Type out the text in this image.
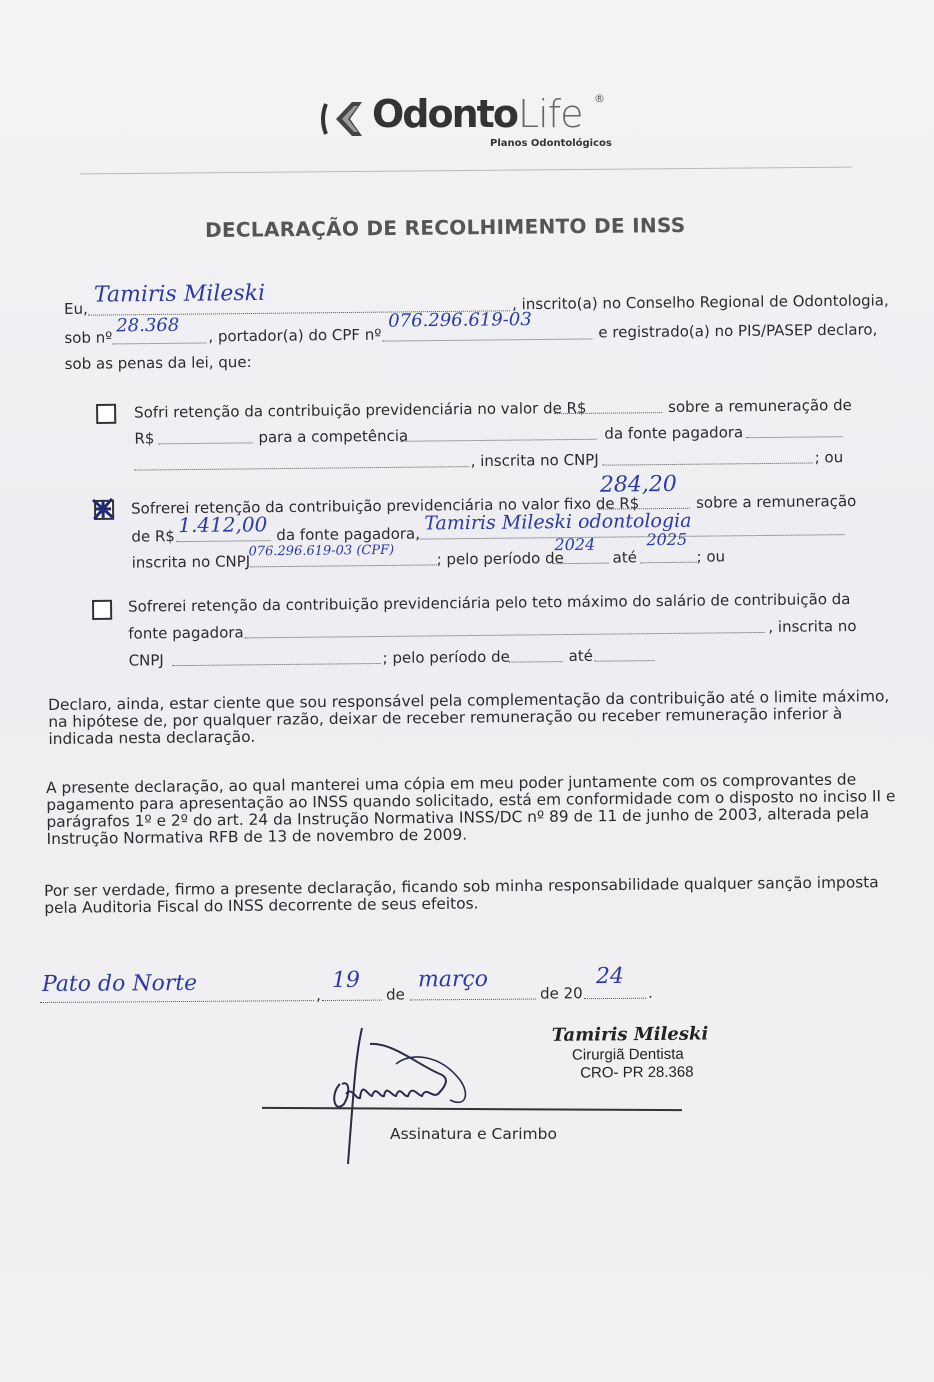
Odonto Life ®
Planos Odontológicos
DECLARAÇÃO DE RECOLHIMENTO DE INSS
Eu,
Tamiris Mileski	, inscrito(a) no Conselho Regional de Odontologia,
sob nº
28.368 , portador(a) do CPF nº
076.296.619-03	e registrado(a) no PIS/PASEP declaro,
sob as penas da lei, que:
Sofri retenção da contribuição previdenciária no valor de R$	sobre a remuneração de
R$	para a competência	da fonte pagadora
, inscrita no CNPJ	; ou
Sofrerei retenção da contribuição previdenciária no valor fixo de R$
284,20
sobre a remuneração
de R$ 1.412,00 da fonte pagadora, Tamiris Mileski odontologia
inscrita no CNPJ
076.296.619-03 (CPF)	; pelo período de
2024
até
2025
; ou
Sofrerei retenção da contribuição previdenciária pelo teto máximo do salário de contribuição da
fonte pagadora	, inscrita no
CNPJ	; pelo período de	até
Declaro, ainda, estar ciente que sou responsável pela complementação da contribuição até o limite máximo, na hipótese de, por qualquer razão, deixar de receber remuneração ou receber remuneração inferior à indicada nesta declaração.
A presente declaração, ao qual manterei uma cópia em meu poder juntamente com os comprovantes de pagamento para apresentação ao INSS quando solicitado, está em conformidade com o disposto no inciso II e parágrafos 1º e 2º do art. 24 da Instrução Normativa INSS/DC nº 89 de 11 de junho de 2003, alterada pela Instrução Normativa RFB de 13 de novembro de 2009.
Por ser verdade, firmo a presente declaração, ficando sob minha responsabilidade qualquer sanção imposta pela Auditoria Fiscal do INSS decorrente de seus efeitos.
Pato do Norte	,
19
de
março
de 20
24
.
Tamiris Mileski
Cirurgiã Dentista
CRO- PR 28.368
Assinatura e Carimbo
